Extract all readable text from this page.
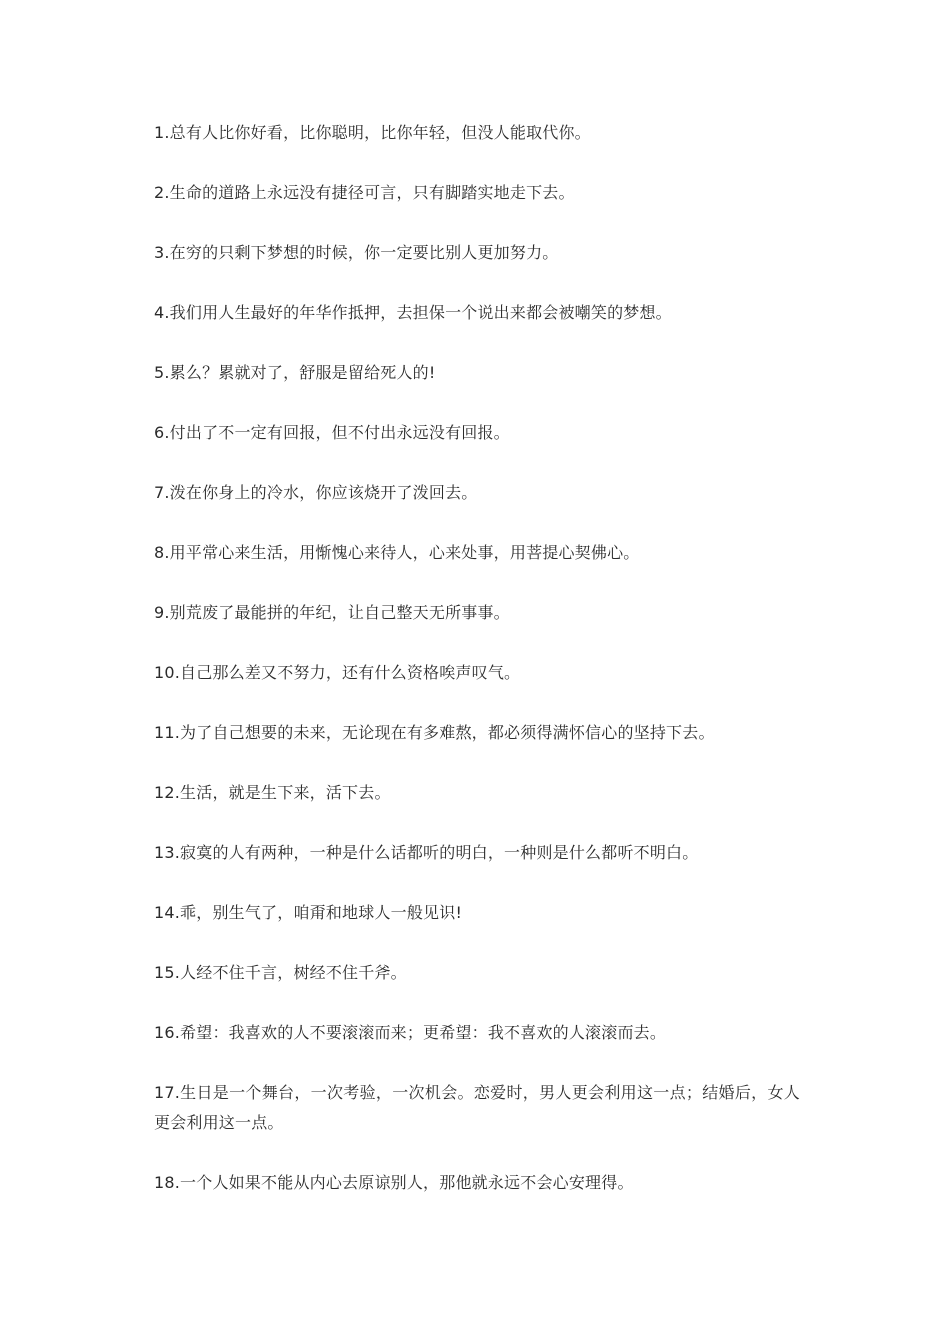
1.总有人比你好看，比你聪明，比你年轻，但没人能取代你。
2.生命的道路上永远没有捷径可言，只有脚踏实地走下去。
3.在穷的只剩下梦想的时候，你一定要比别人更加努力。
4.我们用人生最好的年华作抵押，去担保一个说出来都会被嘲笑的梦想。
5.累么？累就对了，舒服是留给死人的!
6.付出了不一定有回报，但不付出永远没有回报。
7.泼在你身上的冷水，你应该烧开了泼回去。
8.用平常心来生活，用惭愧心来待人，心来处事，用菩提心契佛心。
9.别荒废了最能拼的年纪，让自己整天无所事事。
10.自己那么差又不努力，还有什么资格唉声叹气。
11.为了自己想要的未来，无论现在有多难熬，都必须得满怀信心的坚持下去。
12.生活，就是生下来，活下去。
13.寂寞的人有两种，一种是什么话都听的明白，一种则是什么都听不明白。
14.乖，别生气了，咱甭和地球人一般见识!
15.人经不住千言，树经不住千斧。
16.希望：我喜欢的人不要滚滚而来；更希望：我不喜欢的人滚滚而去。
17.生日是一个舞台，一次考验，一次机会。恋爱时，男人更会利用这一点；结婚后，女人更会利用这一点。
18.一个人如果不能从内心去原谅别人，那他就永远不会心安理得。
